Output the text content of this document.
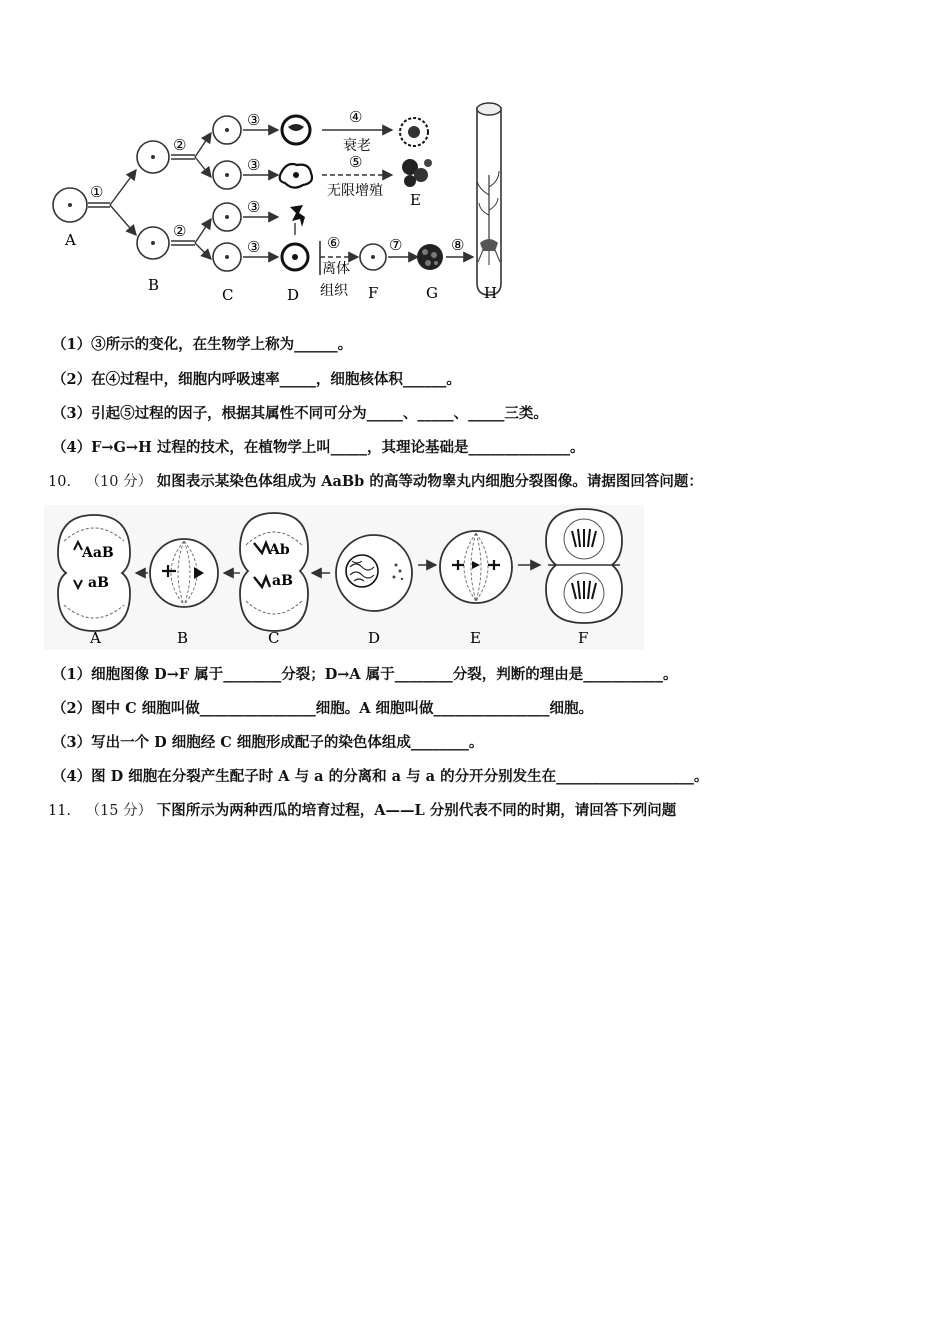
A
①
B
②
②
C
③
③
③
③
D
④
衰老
⑤
无限增殖 E
⑥
离体
组织 F
⑦
G
⑧
H
（1）③所示的变化，在生物学上称为______。
（2）在④过程中，细胞内呼吸速率_____，细胞核体积______。
（3）引起⑤过程的因子，根据其属性不同可分为_____、_____、_____三类。
（4）F→G→H 过程的技术，在植物学上叫_____，其理论基础是______________。
10． （10 分） 如图表示某染色体组成为 AaBb 的高等动物睾丸内细胞分裂图像。请据图回答问题：
AaB
aB
A	B
Ab
aB
C	D	E	F
（1）细胞图像 D→F 属于________分裂；D→A 属于________分裂，判断的理由是___________。
（2）图中 C 细胞叫做________________细胞。A 细胞叫做________________细胞。
（3）写出一个 D 细胞经 C 细胞形成配子的染色体组成________。
（4）图 D 细胞在分裂产生配子时 A 与 a 的分离和 a 与 a 的分开分别发生在___________________。
11． （15 分） 下图所示为两种西瓜的培育过程，A——L 分别代表不同的时期，请回答下列问题
